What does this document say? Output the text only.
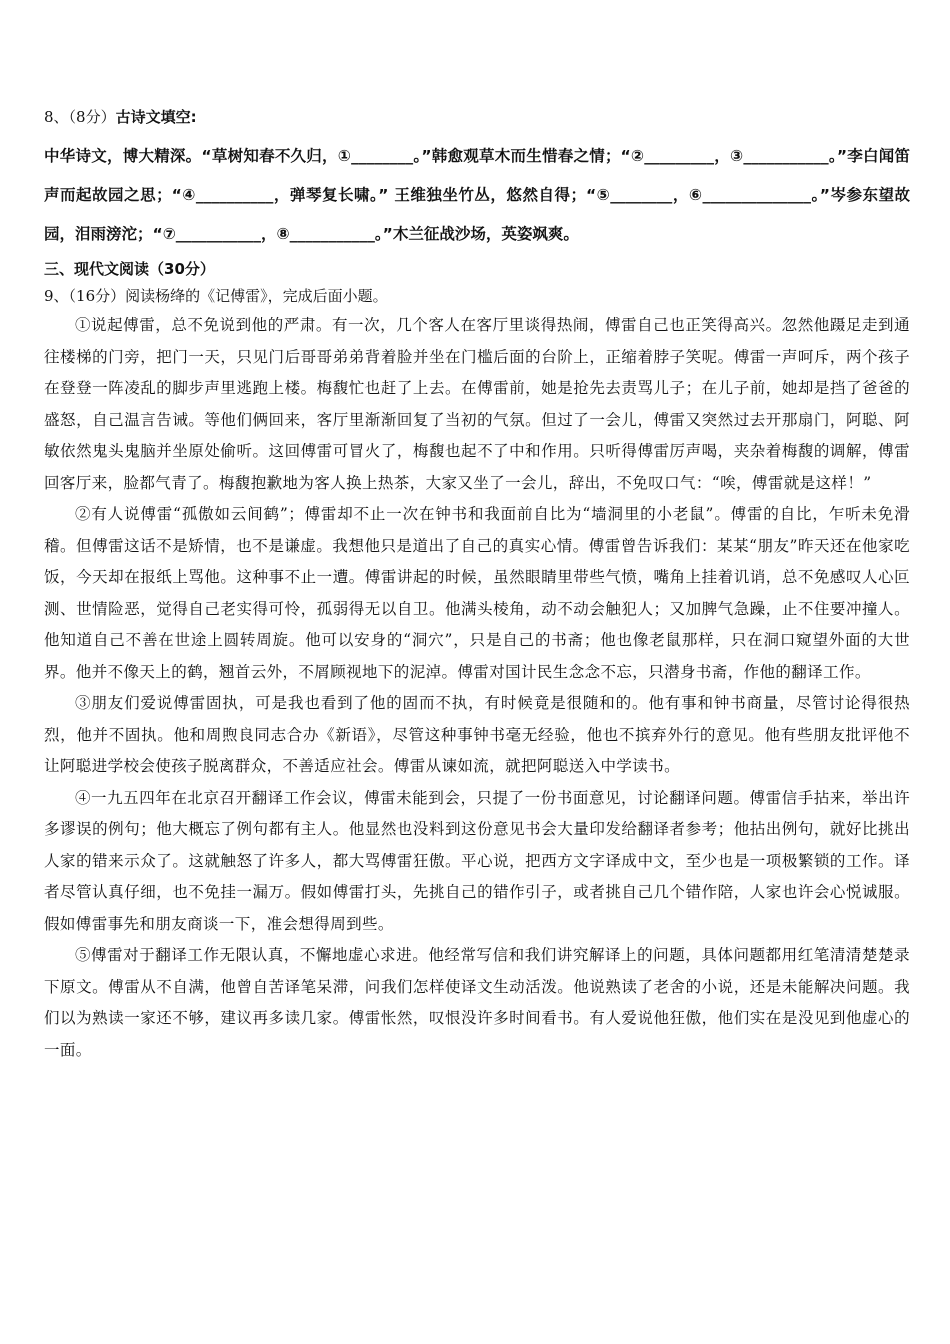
8、（8分）古诗文填空:
中华诗文，博大精深。“草树知春不久归，①________。”韩愈观草木而生惜春之情；“②_________，③___________。”李白闻笛声而起故园之思；“④__________，弹琴复长啸。” 王维独坐竹丛，悠然自得；“⑤________，⑥______________。”岑参东望故园，泪雨滂沱；“⑦___________，⑧___________。”木兰征战沙场，英姿飒爽。
三、现代文阅读（30分）
9、（16分）阅读杨绛的《记傅雷》，完成后面小题。

①说起傅雷，总不免说到他的严肃。有一次，几个客人在客厅里谈得热闹，傅雷自己也正笑得高兴。忽然他蹑足走到通往楼梯的门旁，把门一天，只见门后哥哥弟弟背着脸并坐在门槛后面的台阶上，正缩着脖子笑呢。傅雷一声呵斥，两个孩子在登登一阵凌乱的脚步声里逃跑上楼。梅馥忙也赶了上去。在傅雷前，她是抢先去责骂儿子；在儿子前，她却是挡了爸爸的盛怒，自己温言告诫。等他们俩回来，客厅里渐渐回复了当初的气氛。但过了一会儿，傅雷又突然过去开那扇门，阿聪、阿敏依然鬼头鬼脑并坐原处偷听。这回傅雷可冒火了，梅馥也起不了中和作用。只听得傅雷厉声喝，夹杂着梅馥的调解，傅雷回客厅来，脸都气青了。梅馥抱歉地为客人换上热茶，大家又坐了一会儿，辞出，不免叹口气：“唉，傅雷就是这样！”

②有人说傅雷“孤傲如云间鹤”；傅雷却不止一次在钟书和我面前自比为“墙洞里的小老鼠”。傅雷的自比，乍听未免滑稽。但傅雷这话不是矫情，也不是谦虚。我想他只是道出了自己的真实心情。傅雷曾告诉我们：某某“朋友”昨天还在他家吃饭，今天却在报纸上骂他。这种事不止一遭。傅雷讲起的时候，虽然眼睛里带些气愤，嘴角上挂着讥诮，总不免感叹人心叵测、世情险恶，觉得自己老实得可怜，孤弱得无以自卫。他满头棱角，动不动会触犯人；又加脾气急躁，止不住要冲撞人。他知道自己不善在世途上圆转周旋。他可以安身的“洞穴”，只是自己的书斋；他也像老鼠那样，只在洞口窥望外面的大世界。他并不像天上的鹤，翘首云外，不屑顾视地下的泥淖。傅雷对国计民生念念不忘，只潜身书斋，作他的翻译工作。

③朋友们爱说傅雷固执，可是我也看到了他的固而不执，有时候竟是很随和的。他有事和钟书商量，尽管讨论得很热烈，他并不固执。他和周煦良同志合办《新语》，尽管这种事钟书毫无经验，他也不摈弃外行的意见。他有些朋友批评他不让阿聪进学校会使孩子脱离群众，不善适应社会。傅雷从谏如流，就把阿聪送入中学读书。

④一九五四年在北京召开翻译工作会议，傅雷未能到会，只提了一份书面意见，讨论翻译问题。傅雷信手拈来，举出许多谬误的例句；他大概忘了例句都有主人。他显然也没料到这份意见书会大量印发给翻译者参考；他拈出例句，就好比挑出人家的错来示众了。这就触怒了许多人，都大骂傅雷狂傲。平心说，把西方文字译成中文，至少也是一项极繁锁的工作。译者尽管认真仔细，也不免挂一漏万。假如傅雷打头，先挑自己的错作引子，或者挑自己几个错作陪，人家也许会心悦诚服。假如傅雷事先和朋友商谈一下，准会想得周到些。

⑤傅雷对于翻译工作无限认真，不懈地虚心求进。他经常写信和我们讲究解译上的问题，具体问题都用红笔清清楚楚录下原文。傅雷从不自满，他曾自苦译笔呆滞，问我们怎样使译文生动活泼。他说熟读了老舍的小说，还是未能解决问题。我们以为熟读一家还不够，建议再多读几家。傅雷怅然，叹恨没许多时间看书。有人爱说他狂傲，他们实在是没见到他虚心的一面。
